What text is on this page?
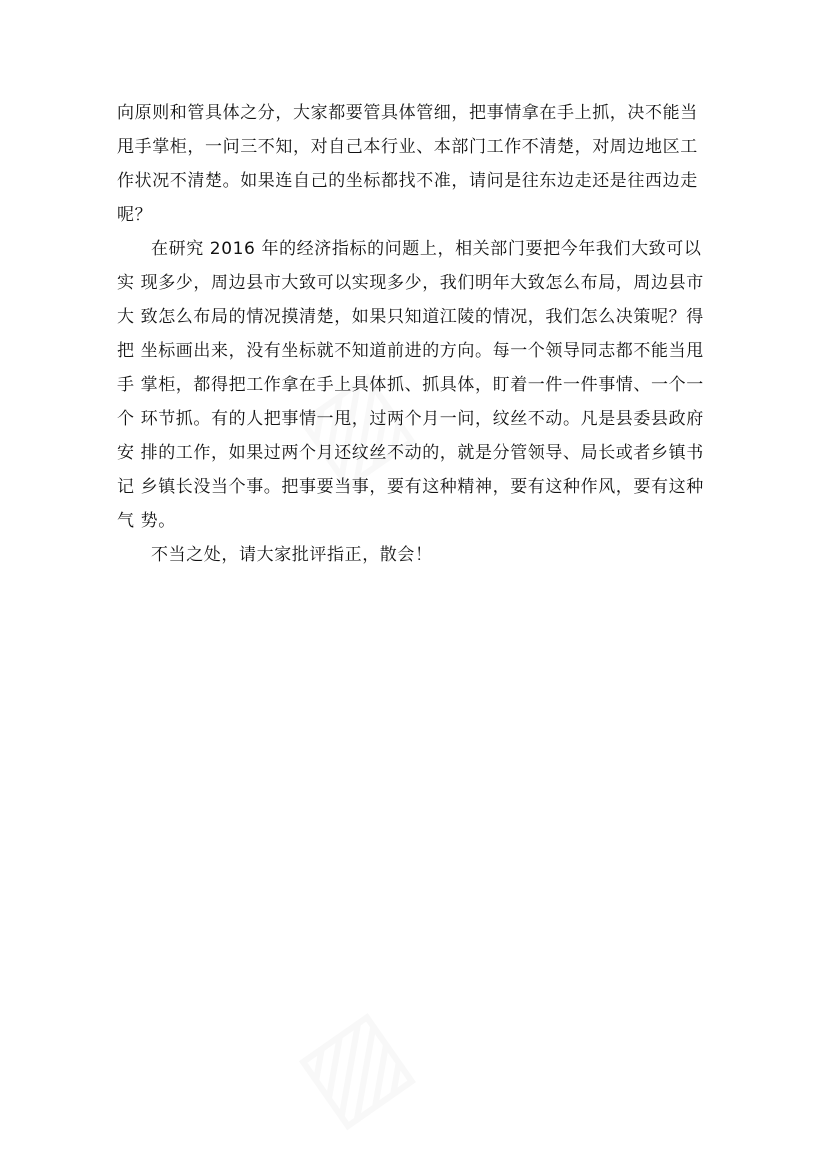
▨
▨
向原则和管具体之分，大家都要管具体管细，把事情拿在手上抓，决不能当
甩手掌柜，一问三不知，对自己本行业、本部门工作不清楚，对周边地区工
作状况不清楚。如果连自己的坐标都找不准，请问是往东边走还是往西边走
呢？
在研究 2016 年的经济指标的问题上，相关部门要把今年我们大致可以
实 现多少，周边县市大致可以实现多少，我们明年大致怎么布局，周边县市
大 致怎么布局的情况摸清楚，如果只知道江陵的情况，我们怎么决策呢？得
把 坐标画出来，没有坐标就不知道前进的方向。每一个领导同志都不能当甩
手 掌柜，都得把工作拿在手上具体抓、抓具体，盯着一件一件事情、一个一
个 环节抓。有的人把事情一甩，过两个月一问，纹丝不动。凡是县委县政府
安 排的工作，如果过两个月还纹丝不动的，就是分管领导、局长或者乡镇书
记 乡镇长没当个事。把事要当事，要有这种精神，要有这种作风，要有这种
气 势。
不当之处，请大家批评指正，散会！
